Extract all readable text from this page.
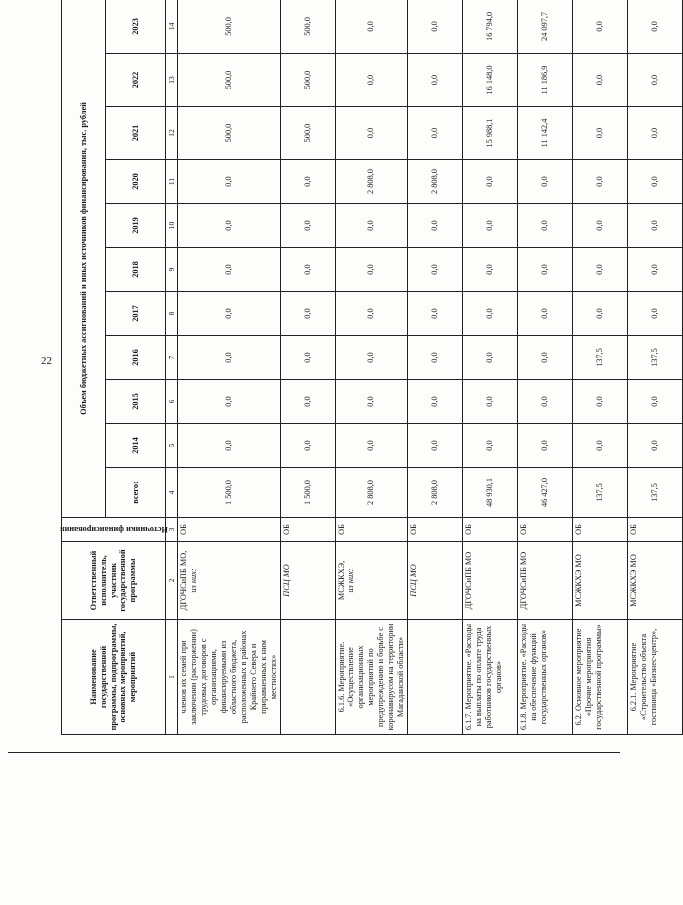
22
Наименование государственной программы, подпрограммы, основных мероприятий, мероприятий	Ответственный исполнитель, участник государственной программы	Источники финансирования	Объем бюджетных ассигнований и иных источников финансирования, тыс. рублей										
			всего:	2014	2015	2016	2017	2018	2019	2020	2021	2022	2023
1	2	3	4	5	6	7	8	9	10	11	12	13	14
членов их семей при заключении (расторжении) трудовых договоров с организациями, финансируемыми из областного бюджета, расположенных в районах Крайнего Севера и приравненных к ним местностях»	ДГОЧСиПБ МО, из них:	ОБ	1 500,0	0,0	0,0	0,0	0,0	0,0	0,0	0,0	500,0	500,0	500,0

	ПСЦ МО	ОБ	1 500,0	0,0	0,0	0,0	0,0	0,0	0,0	0,0	500,0	500,0	500,0
6.1.6. Мероприятие. «Осуществление организационных мероприятий по предупреждению и борьбе с коронавирусом на территории Магаданской области»	МСЖКХЭ, из них:	ОБ	2 808,0	0,0	0,0	0,0	0,0	0,0	0,0	2 808,0	0,0	0,0	0,0

	ПСЦ МО	ОБ	2 808,0	0,0	0,0	0,0	0,0	0,0	0,0	2 808,0	0,0	0,0	0,0
6.1.7. Мероприятие. «Расходы на выплаты по оплате труда работников государственных органов»	ДГОЧСиПБ МО	ОБ	48 930,1	0,0	0,0	0,0	0,0	0,0	0,0	0,0	15 988,1	16 148,0	16 794,0
6.1.8. Мероприятие. «Расходы на обеспечение функций государственных органов»	ДГОЧСиПБ МО	ОБ	46 427,0	0,0	0,0	0,0	0,0	0,0	0,0	0,0	11 142,4	11 186,9	24 097,7
6.2. Основное мероприятие «Прочие мероприятия государственной программы»	МСЖКХЭ МО	ОБ	137,5	0,0	0,0	137,5	0,0	0,0	0,0	0,0	0,0	0,0	0,0
6.2.1. Мероприятие «Строительство объекта гостиница «Бизнес-центр»,	МСЖКХЭ МО	ОБ	137,5	0,0	0,0	137,5	0,0	0,0	0,0	0,0	0,0	0,0	0,0
